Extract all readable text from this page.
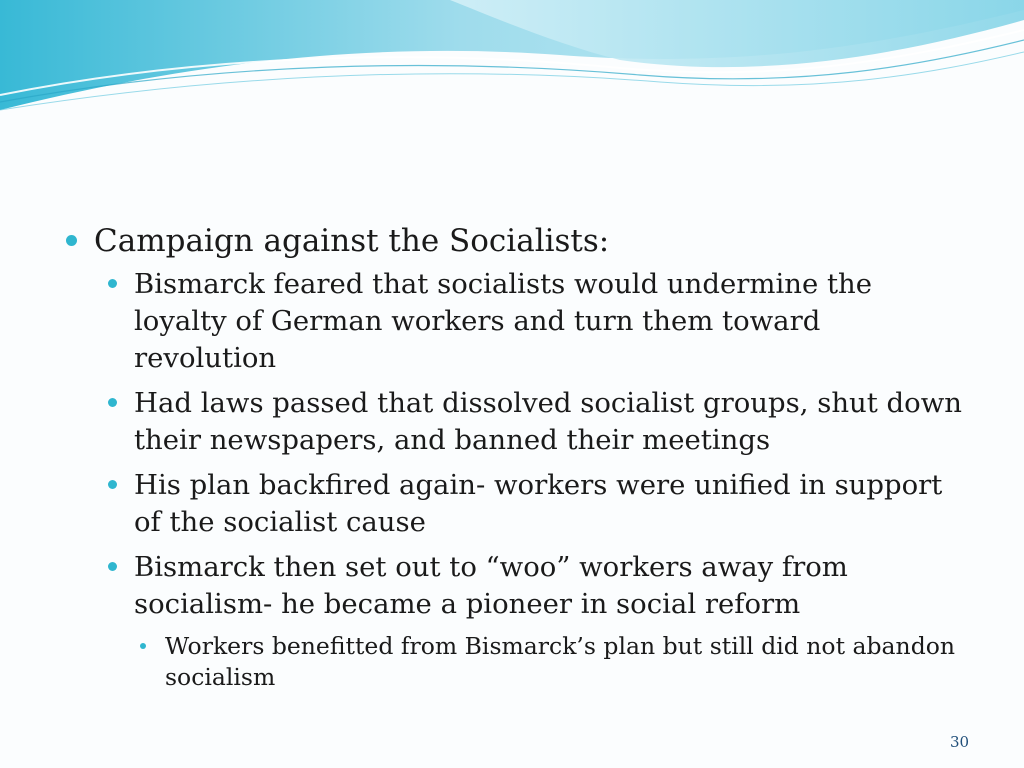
Campaign against the Socialists:
Bismarck feared that socialists would undermine the loyalty of German workers and turn them toward revolution
Had laws passed that dissolved socialist groups, shut down their newspapers, and banned their meetings
His plan backfired again- workers were unified in support of the socialist cause
Bismarck then set out to “woo” workers away from socialism- he became a pioneer in social reform
Workers benefitted from Bismarck’s plan but still did not abandon socialism
30
